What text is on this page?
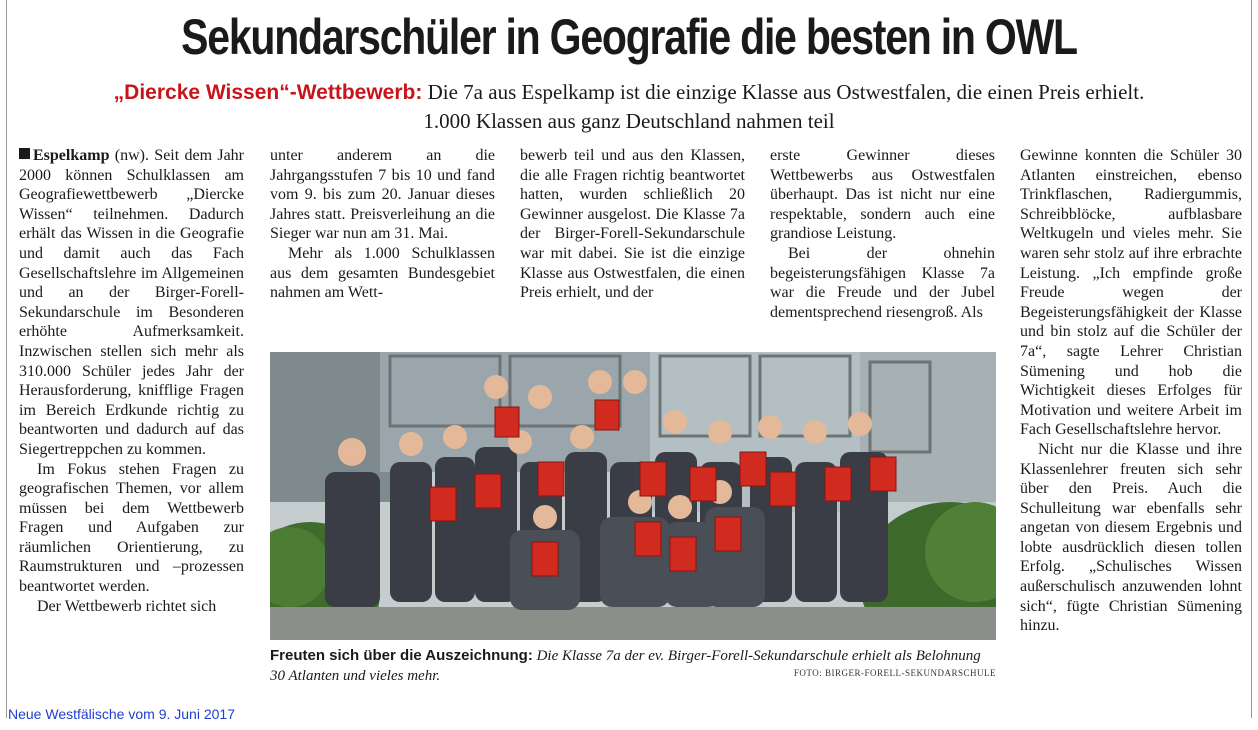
Sekundarschüler in Geografie die besten in OWL
„Diercke Wissen“-Wettbewerb: Die 7a aus Espelkamp ist die einzige Klasse aus Ostwestfalen, die einen Preis erhielt.
1.000 Klassen aus ganz Deutschland nahmen teil

Espelkamp (nw). Seit dem Jahr 2000 können Schulklassen am Geografiewettbewerb „Diercke Wissen“ teilnehmen. Dadurch erhält das Wissen in die Geografie und damit auch das Fach Gesellschaftslehre im Allgemeinen und an der Birger-Forell-Sekundarschule im Besonderen erhöhte Aufmerksamkeit. Inzwischen stellen sich mehr als 310.000 Schüler jedes Jahr der Herausforderung, knifflige Fragen im Bereich Erdkunde richtig zu beantworten und dadurch auf das Siegertreppchen zu kommen.

Im Fokus stehen Fragen zu geografischen Themen, vor allem müssen bei dem Wettbewerb Fragen und Aufgaben zur räumlichen Orientierung, zu Raumstrukturen und –prozessen beantwortet werden.

Der Wettbewerb richtet sich

unter anderem an die Jahrgangsstufen 7 bis 10 und fand vom 9. bis zum 20. Januar dieses Jahres statt. Preisverleihung an die Sieger war nun am 31. Mai.

Mehr als 1.000 Schulklassen aus dem gesamten Bundesgebiet nahmen am Wett-

bewerb teil und aus den Klassen, die alle Fragen richtig beantwortet hatten, wurden schließlich 20 Gewinner ausgelost. Die Klasse 7a der Birger-Forell-Sekundarschule war mit dabei. Sie ist die einzige Klasse aus Ostwestfalen, die einen Preis erhielt, und der

erste Gewinner dieses Wettbewerbs aus Ostwestfalen überhaupt. Das ist nicht nur eine respektable, sondern auch eine grandiose Leistung.

Bei der ohnehin begeisterungsfähigen Klasse 7a war die Freude und der Jubel dementsprechend riesengroß. Als

Gewinne konnten die Schüler 30 Atlanten einstreichen, ebenso Trinkflaschen, Radiergummis, Schreibblöcke, aufblasbare Weltkugeln und vieles mehr. Sie waren sehr stolz auf ihre erbrachte Leistung. „Ich empfinde große Freude wegen der Begeisterungsfähigkeit der Klasse und bin stolz auf die Schüler der 7a“, sagte Lehrer Christian Sümening und hob die Wichtigkeit dieses Erfolges für Motivation und weitere Arbeit im Fach Gesellschaftslehre hervor.

Nicht nur die Klasse und ihre Klassenlehrer freuten sich sehr über den Preis. Auch die Schulleitung war ebenfalls sehr angetan von diesem Ergebnis und lobte ausdrücklich diesen tollen Erfolg. „Schulisches Wissen außerschulisch anzuwenden lohnt sich“, fügte Christian Sümening hinzu.

Freuten sich über die Auszeichnung: Die Klasse 7a der ev. Birger-Forell-Sekundarschule erhielt als Belohnung 30 Atlanten und vieles mehr.	FOTO: BIRGER-FORELL-SEKUNDARSCHULE
Neue Westfälische vom 9. Juni 2017
